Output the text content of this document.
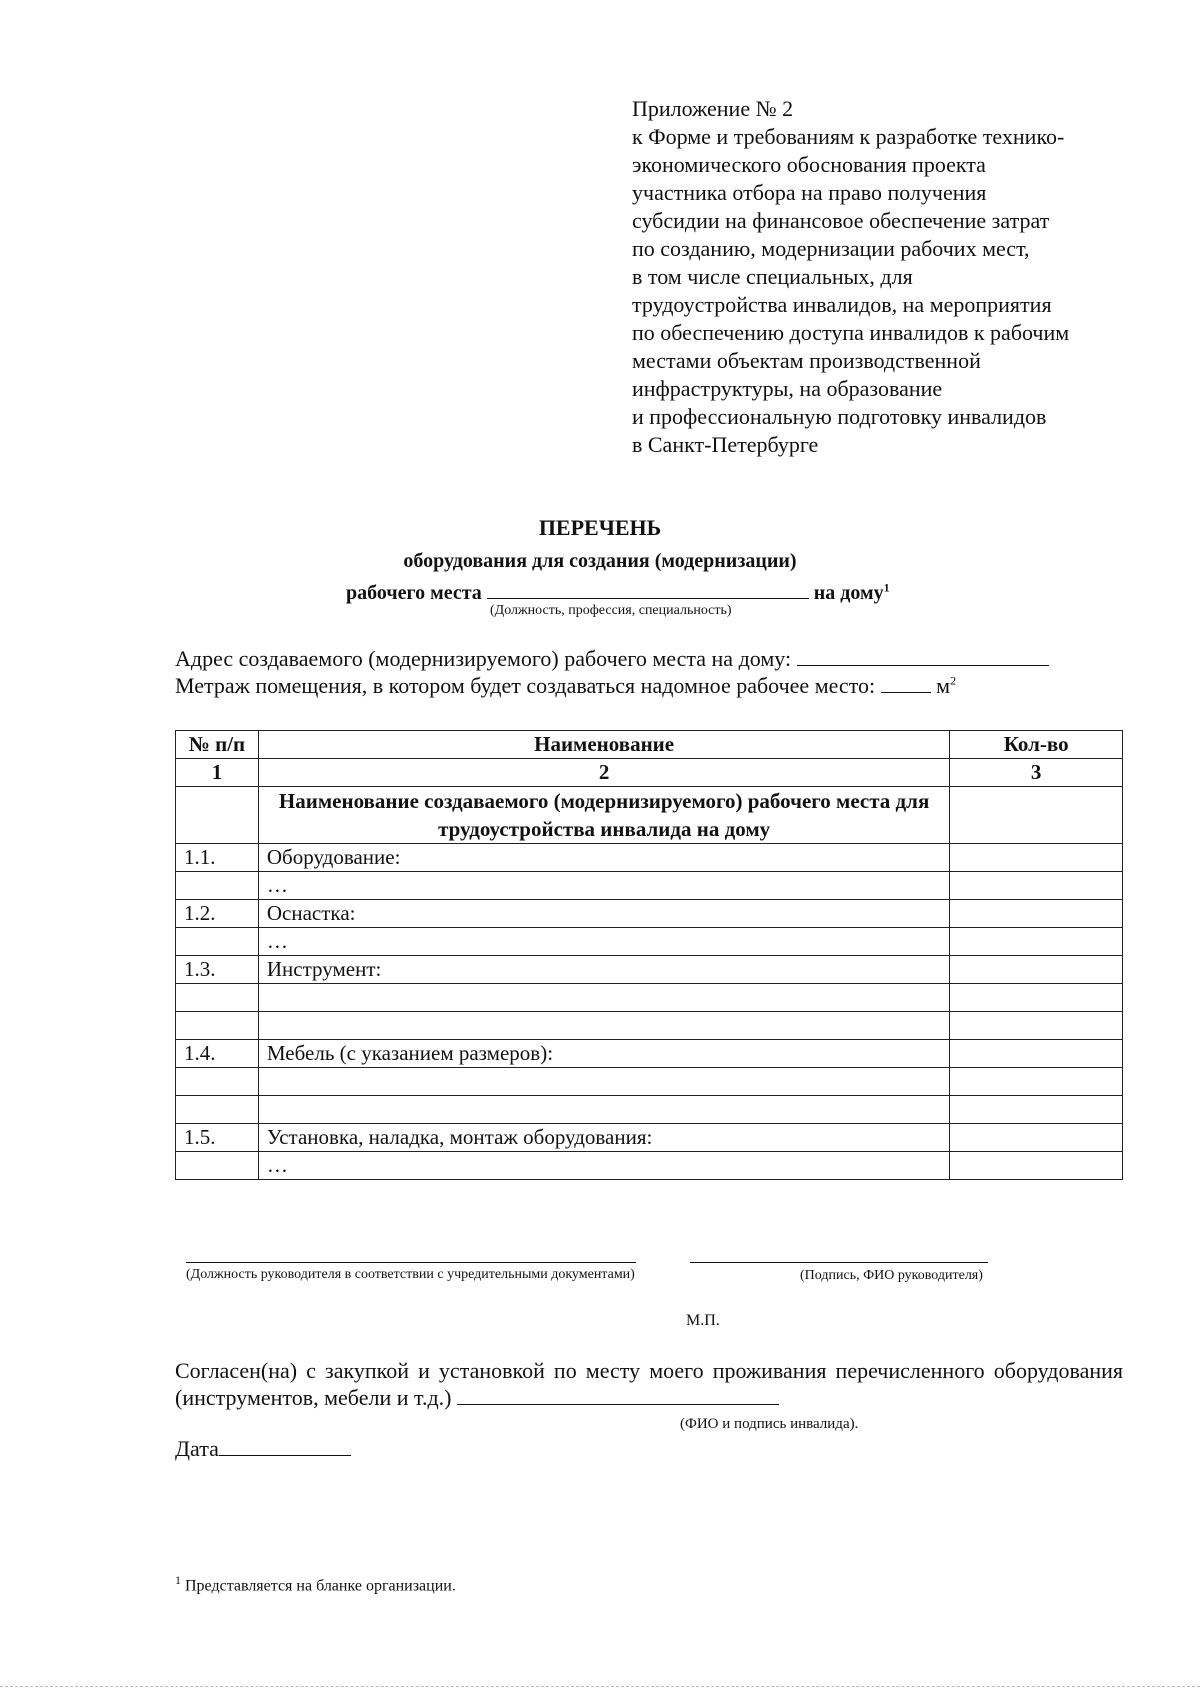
Приложение № 2
к Форме и требованиям к разработке технико-
экономического обоснования проекта
участника отбора на право получения
субсидии на финансовое обеспечение затрат
по созданию, модернизации рабочих мест,
в том числе специальных, для
трудоустройства инвалидов, на мероприятия
по обеспечению доступа инвалидов к рабочим
местами объектам производственной
инфраструктуры, на образование
и профессиональную подготовку инвалидов
в Санкт-Петербурге
ПЕРЕЧЕНЬ
оборудования для создания (модернизации)
рабочего места	на дому$^1$
(Должность, профессия, специальность)
Адрес создаваемого (модернизируемого) рабочего места на дому:
Метраж помещения, в котором будет создаваться надомное рабочее место:	$м^2$
№ п/п	Наименование	Кол-во
1	2	3
	Наименование создаваемого (модернизируемого) рабочего места для трудоустройства инвалида на дому	
1.1.	Оборудование:	
	…	
1.2.	Оснастка:	
	…	
1.3.	Инструмент:	

1.4.	Мебель (с указанием размеров):	

1.5.	Установка, наладка, монтаж оборудования:	
	…	
(Должность руководителя в соответствии с учредительными документами)	(Подпись, ФИО руководителя)
М.П.
Согласен(на) с закупкой и установкой по месту моего проживания перечисленного оборудования (инструментов, мебели и т.д.)
(ФИО и подпись инвалида).
Дата
$^1$ Представляется на бланке организации.
